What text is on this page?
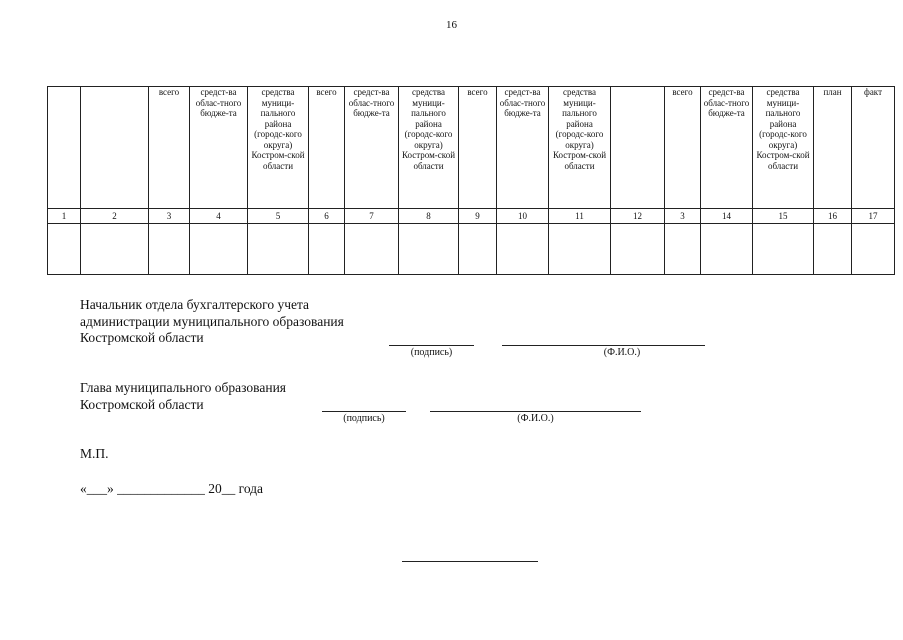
16
		всего	средст-ва облас-тного бюдже-та	средства муници-пального района (городс-кого округа) Костром-ской области	всего	средст-ва облас-тного бюдже-та	средства муници-пального района (городс-кого округа) Костром-ской области	всего	средст-ва облас-тного бюдже-та	средства муници-пального района (городс-кого округа) Костром-ской области		всего	средст-ва облас-тного бюдже-та	средства муници-пального района (городс-кого округа) Костром-ской области	план	факт
1	2	3	4	5	6	7	8	9	10	11	12	3	14	15	16	17

Начальник отдела бухгалтерского учета
администрации муниципального образования
Костромской области
(подпись)	(Ф.И.О.)
Глава муниципального образования
Костромской области
(подпись)	(Ф.И.О.)
М.П.
«___» _____________ 20__ года
